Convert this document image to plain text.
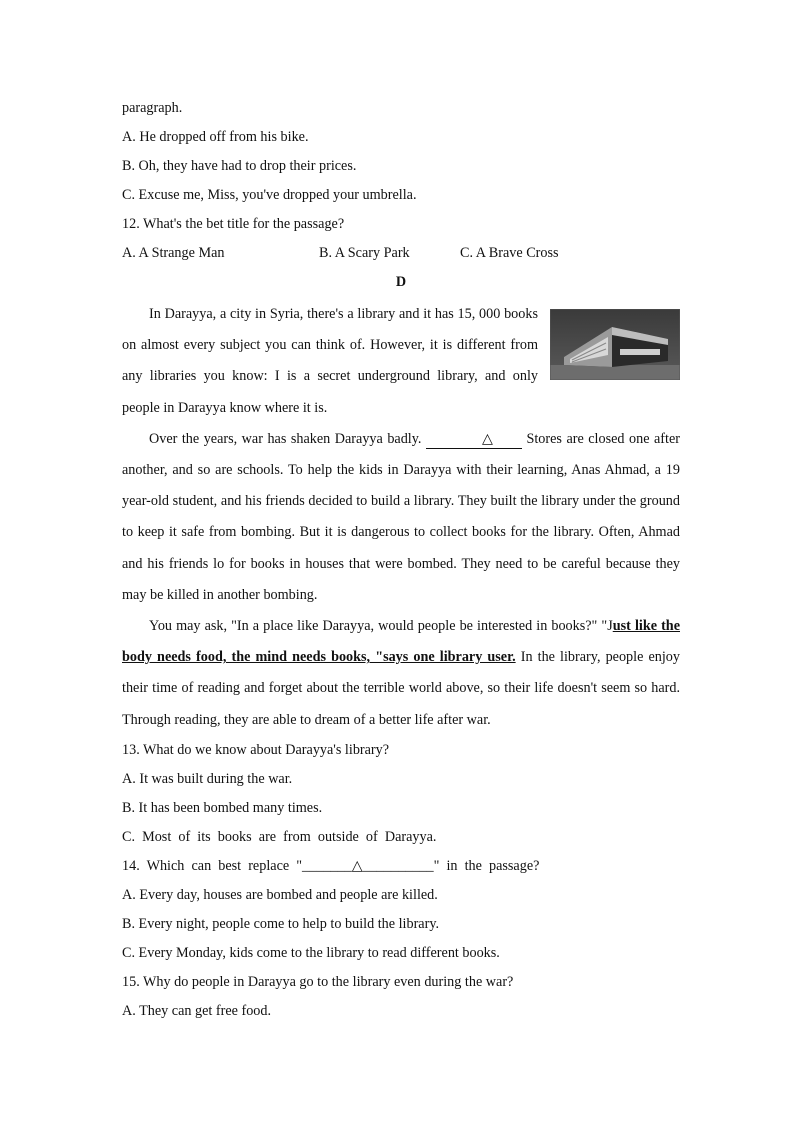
paragraph.
A. He dropped off from his bike.
B. Oh, they have had to drop their prices.
C. Excuse me, Miss, you've dropped your umbrella.
12. What's the bet title for the passage?
A. A Strange Man	B. A Scary Park	C. A Brave Cross
D

In Darayya, a city in Syria, there's a library and it has 15, 000 books on almost every subject you can think of. However, it is different from any libraries you know: I is a secret underground library, and only people in Darayya know where it is.

Over the years, war has shaken Darayya badly.	△ Stores are closed one after another, and so are schools. To help the kids in Darayya with their learning, Anas Ahmad, a 19 year-old student, and his friends decided to build a library. They built the library under the ground to keep it safe from bombing. But it is dangerous to collect books for the library. Often, Ahmad and his friends lo for books in houses that were bombed. They need to be careful because they may be killed in another bombing.

You may ask, "In a place like Darayya, would people be interested in books?" "Just like the body needs food, the mind needs books, "says one library user. In the library, people enjoy their time of reading and forget about the terrible world above, so their life doesn't seem so hard. Through reading, they are able to dream of a better life after war.

13. What do we know about Darayya's library?
A. It was built during the war.
B. It has been bombed many times.
C.  Most  of  its  books  are  from  outside  of  Darayya.
14.  Which  can  best  replace  "_______△__________"  in  the  passage?
A. Every day, houses are bombed and people are killed.
B. Every night, people come to help to build the library.
C. Every Monday, kids come to the library to read different books.
15. Why do people in Darayya go to the library even during the war?
A. They can get free food.
